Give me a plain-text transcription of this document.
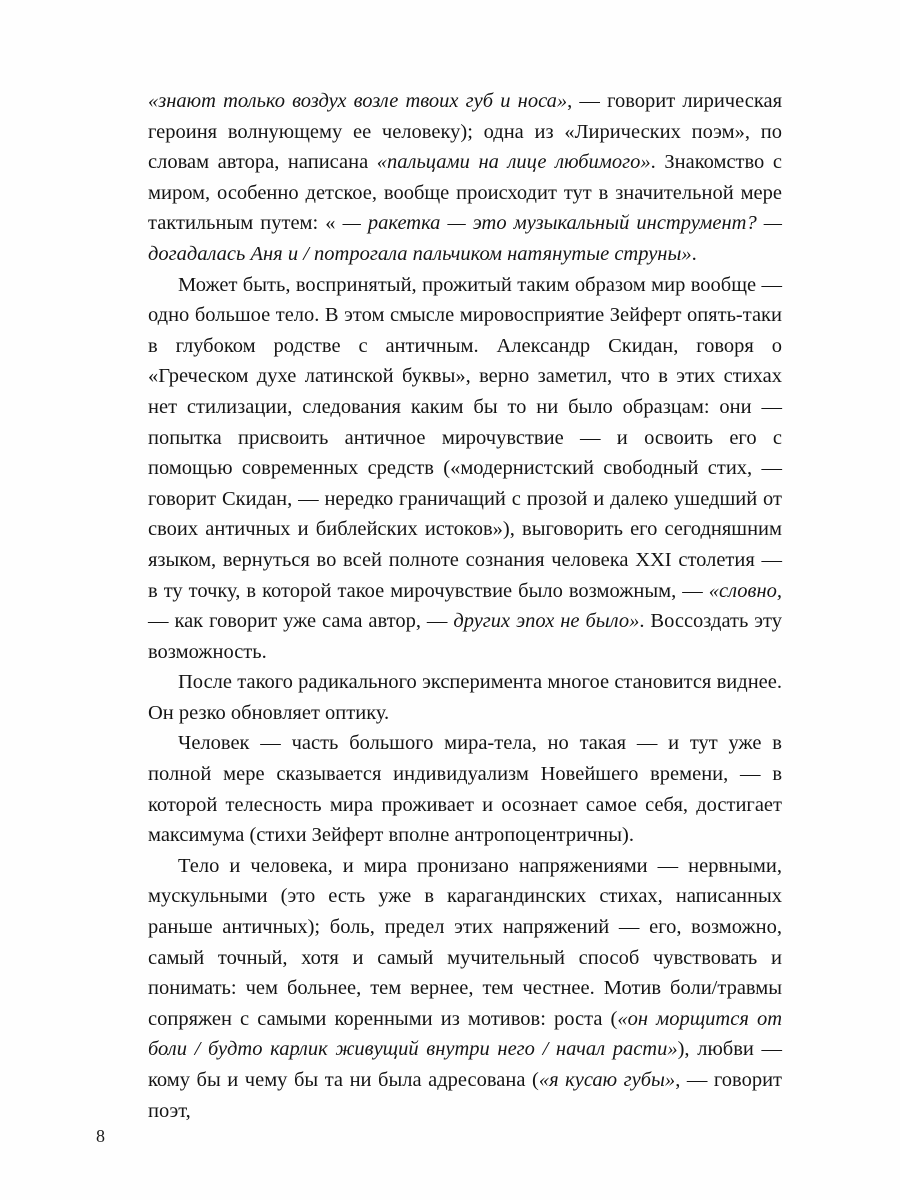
«знают только воздух возле твоих губ и носа», — говорит лирическая героиня волнующему ее человеку); одна из «Лирических поэм», по словам автора, написана «пальцами на лице любимого». Знакомство с миром, особенно детское, вообще происходит тут в значительной мере тактильным путем: « — ракетка — это музыкальный инструмент? — догадалась Аня и / потрогала пальчиком натянутые струны».

Может быть, воспринятый, прожитый таким образом мир вообще — одно большое тело. В этом смысле мировосприятие Зейферт опять-таки в глубоком родстве с античным. Александр Скидан, говоря о «Греческом духе латинской буквы», верно заметил, что в этих стихах нет стилизации, следования каким бы то ни было образцам: они — попытка присвоить античное мирочувствие — и освоить его с помощью современных средств («модернистский свободный стих, — говорит Скидан, — нередко граничащий с прозой и далеко ушедший от своих античных и библейских истоков»), выговорить его сегодняшним языком, вернуться во всей полноте сознания человека XXI столетия — в ту точку, в которой такое мирочувствие было возможным, — «словно, — как говорит уже сама автор, — других эпох не было». Воссоздать эту возможность.

После такого радикального эксперимента многое становится виднее. Он резко обновляет оптику.

Человек — часть большого мира-тела, но такая — и тут уже в полной мере сказывается индивидуализм Новейшего времени, — в которой телесность мира проживает и осознает самое себя, достигает максимума (стихи Зейферт вполне антропоцентричны).

Тело и человека, и мира пронизано напряжениями — нервными, мускульными (это есть уже в карагандинских стихах, написанных раньше античных); боль, предел этих напряжений — его, возможно, самый точный, хотя и самый мучительный способ чувствовать и понимать: чем больнее, тем вернее, тем честнее. Мотив боли/травмы сопряжен с самыми коренными из мотивов: роста («он морщится от боли / будто карлик живущий внутри него / начал расти»), любви — кому бы и чему бы та ни была адресована («я кусаю губы», — говорит поэт,

8
